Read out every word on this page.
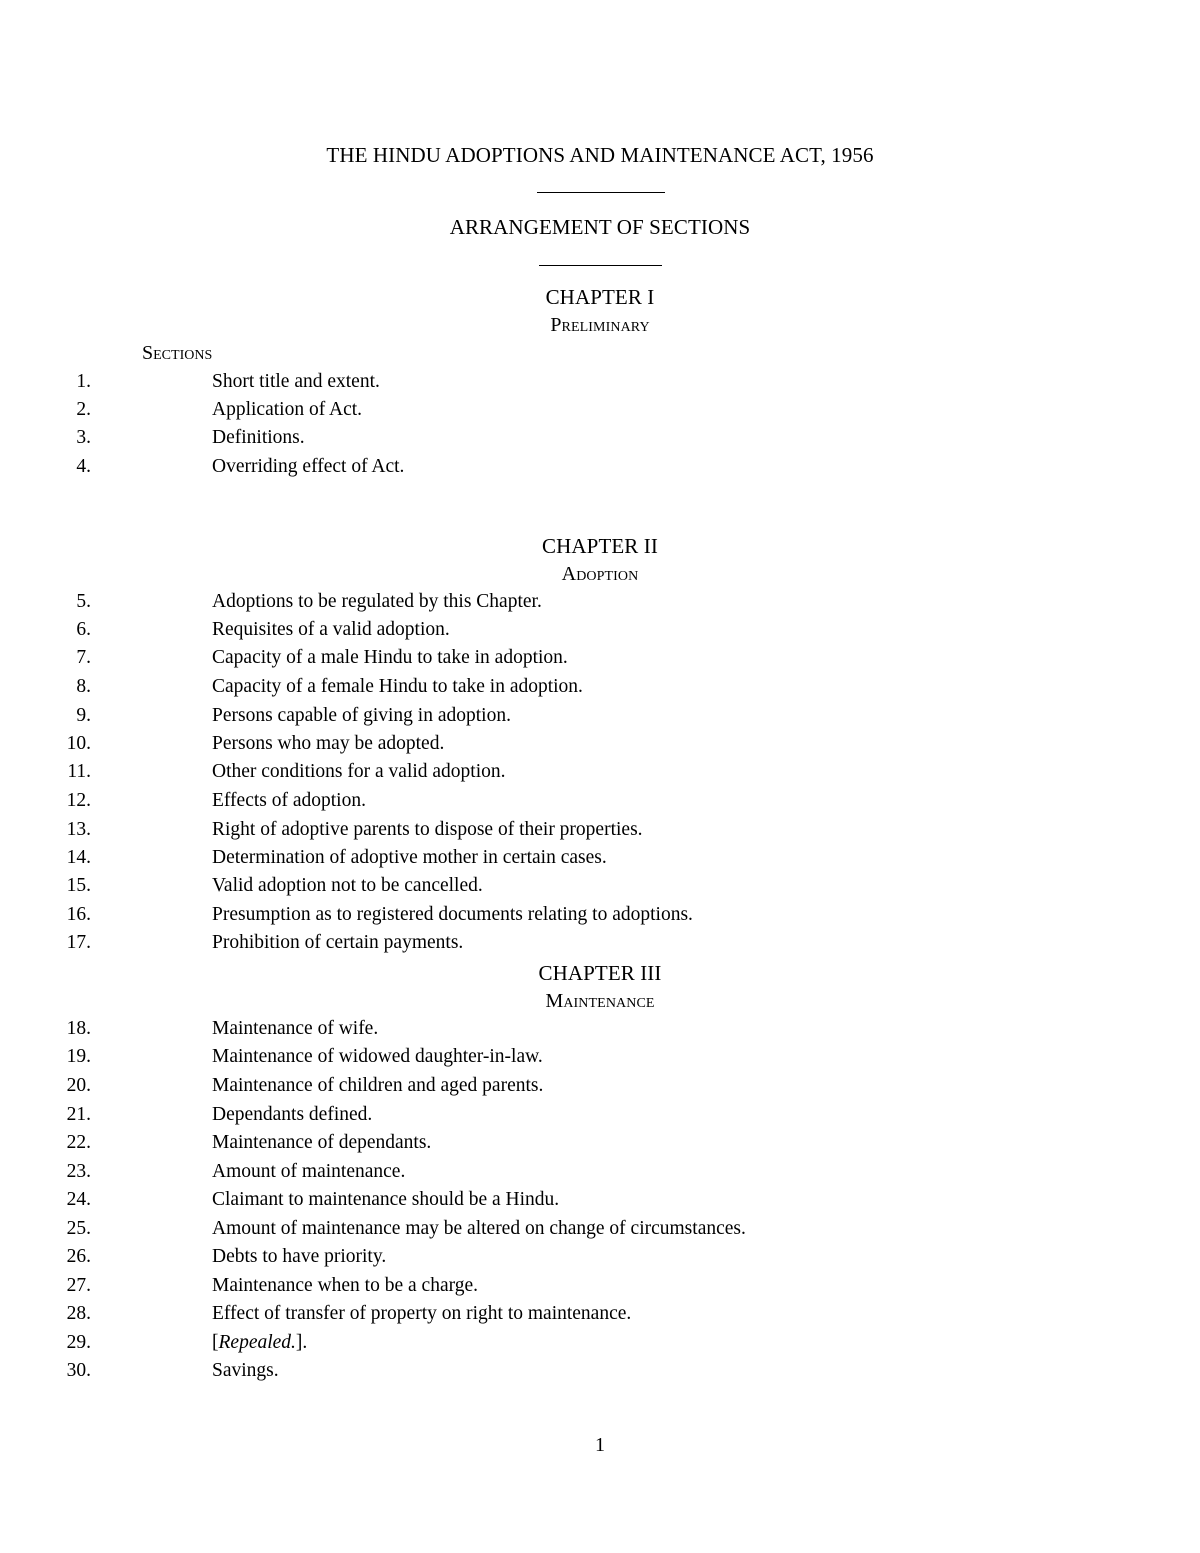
THE HINDU ADOPTIONS AND MAINTENANCE ACT, 1956
ARRANGEMENT OF SECTIONS
CHAPTER I
Preliminary
Sections
1.	Short title and extent.
2.	Application of Act.
3.	Definitions.
4.	Overriding effect of Act.
CHAPTER II
Adoption
5.	Adoptions to be regulated by this Chapter.
6.	Requisites of a valid adoption.
7.	Capacity of a male Hindu to take in adoption.
8.	Capacity of a female Hindu to take in adoption.
9.	Persons capable of giving in adoption.
10.	Persons who may be adopted.
11.	Other conditions for a valid adoption.
12.	Effects of adoption.
13.	Right of adoptive parents to dispose of their properties.
14.	Determination of adoptive mother in certain cases.
15.	Valid adoption not to be cancelled.
16.	Presumption as to registered documents relating to adoptions.
17.	Prohibition of certain payments.
CHAPTER III
Maintenance
18.	Maintenance of wife.
19.	Maintenance of widowed daughter-in-law.
20.	Maintenance of children and aged parents.
21.	Dependants defined.
22.	Maintenance of dependants.
23.	Amount of maintenance.
24.	Claimant to maintenance should be a Hindu.
25.	Amount of maintenance may be altered on change of circumstances.
26.	Debts to have priority.
27.	Maintenance when to be a charge.
28.	Effect of transfer of property on right to maintenance.
29.	[Repealed.].
30.	Savings.
1
